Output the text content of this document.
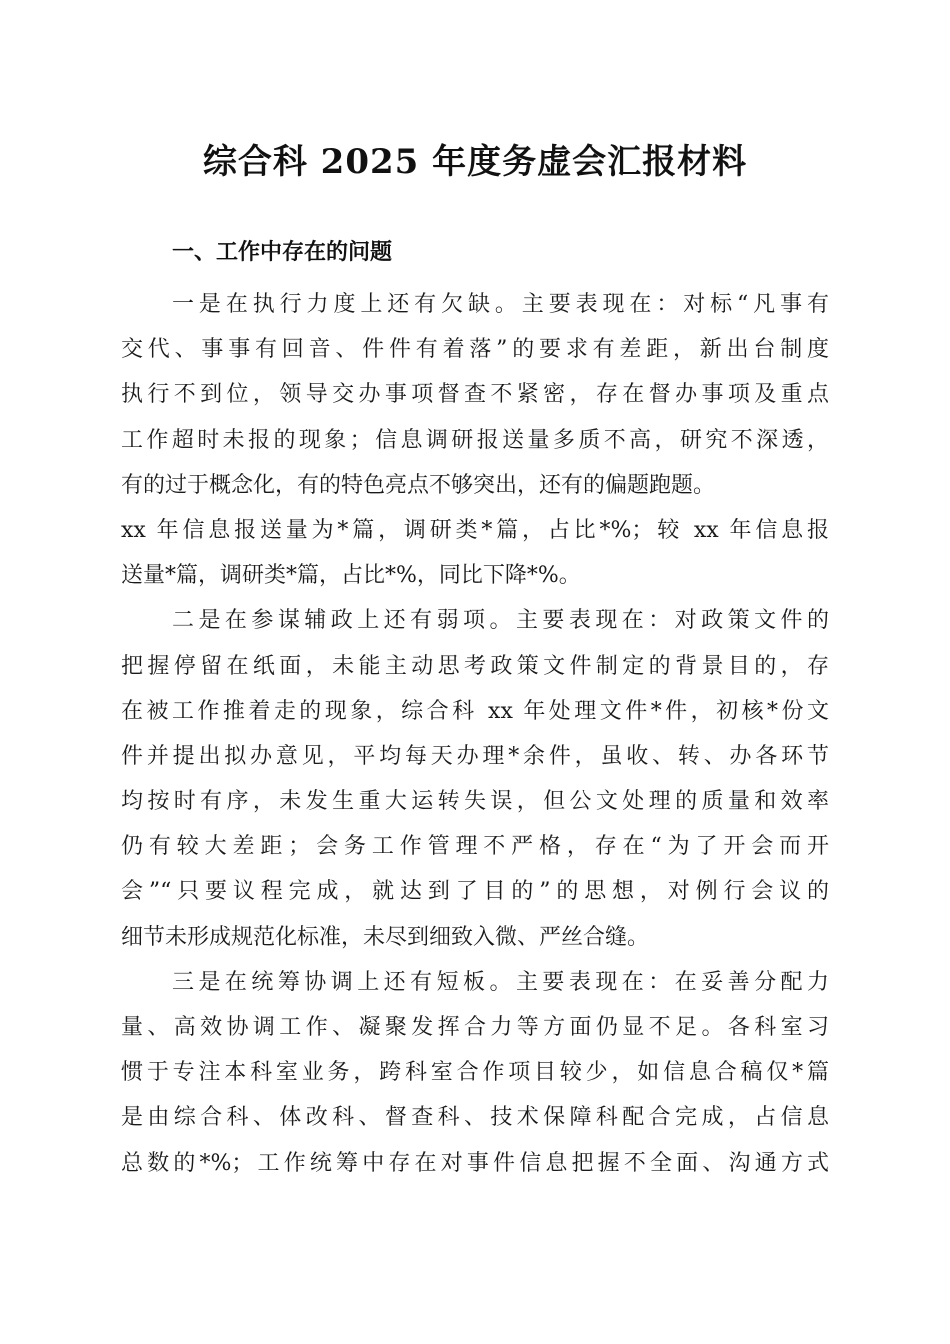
综合科 2025 年度务虚会汇报材料
一、工作中存在的问题
一是在执行力度上还有欠缺。主要表现在：对标“凡事有
交代、事事有回音、件件有着落”的要求有差距，新出台制度
执行不到位，领导交办事项督查不紧密，存在督办事项及重点
工作超时未报的现象；信息调研报送量多质不高，研究不深透，
有的过于概念化，有的特色亮点不够突出，还有的偏题跑题。
xx 年信息报送量为*篇，调研类*篇，占比*%；较 xx 年信息报
送量*篇，调研类*篇，占比*%，同比下降*%。
二是在参谋辅政上还有弱项。主要表现在：对政策文件的
把握停留在纸面，未能主动思考政策文件制定的背景目的，存
在被工作推着走的现象，综合科 xx 年处理文件*件，初核*份文
件并提出拟办意见，平均每天办理*余件，虽收、转、办各环节
均按时有序，未发生重大运转失误，但公文处理的质量和效率
仍有较大差距；会务工作管理不严格，存在“为了开会而开
会”“只要议程完成，就达到了目的”的思想，对例行会议的
细节未形成规范化标准，未尽到细致入微、严丝合缝。
三是在统筹协调上还有短板。主要表现在：在妥善分配力
量、高效协调工作、凝聚发挥合力等方面仍显不足。各科室习
惯于专注本科室业务，跨科室合作项目较少，如信息合稿仅*篇
是由综合科、体改科、督查科、技术保障科配合完成，占信息
总数的*%；工作统筹中存在对事件信息把握不全面、沟通方式
